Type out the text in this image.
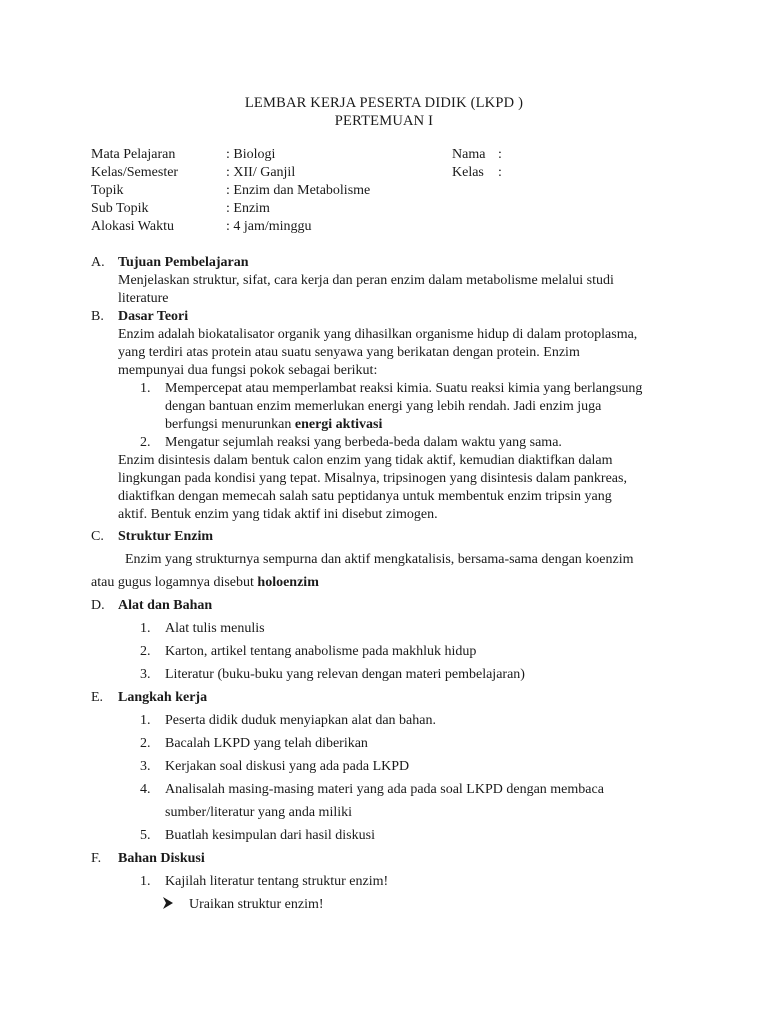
LEMBAR KERJA PESERTA DIDIK (LKPD )
PERTEMUAN I
Mata Pelajaran	: Biologi
Kelas/Semester	: XII/ Ganjil
Topik	: Enzim dan Metabolisme
Sub Topik	: Enzim
Alokasi Waktu	: 4 jam/minggu
Nama :
Kelas :
A. Tujuan Pembelajaran
Menjelaskan struktur, sifat, cara kerja dan peran enzim dalam metabolisme melalui studi
literature
B. Dasar Teori
Enzim adalah biokatalisator organik yang dihasilkan organisme hidup di dalam protoplasma,
yang terdiri atas protein atau suatu senyawa yang berikatan dengan protein. Enzim
mempunyai dua fungsi pokok sebagai berikut:
1. Mempercepat atau memperlambat reaksi kimia. Suatu reaksi kimia yang berlangsung
dengan bantuan enzim memerlukan energi yang lebih rendah. Jadi enzim juga
berfungsi menurunkan energi aktivasi
2. Mengatur sejumlah reaksi yang berbeda-beda dalam waktu yang sama.
Enzim disintesis dalam bentuk calon enzim yang tidak aktif, kemudian diaktifkan dalam
lingkungan pada kondisi yang tepat. Misalnya, tripsinogen yang disintesis dalam pankreas,
diaktifkan dengan memecah salah satu peptidanya untuk membentuk enzim tripsin yang
aktif. Bentuk enzim yang tidak aktif ini disebut zimogen.
C. Struktur Enzim
Enzim yang strukturnya sempurna dan aktif mengkatalisis, bersama-sama dengan koenzim
atau gugus logamnya disebut holoenzim
D. Alat dan Bahan
1. Alat tulis menulis
2. Karton, artikel tentang anabolisme pada makhluk hidup
3. Literatur (buku-buku yang relevan dengan materi pembelajaran)
E. Langkah kerja
1. Peserta didik duduk menyiapkan alat dan bahan.
2. Bacalah LKPD yang telah diberikan
3. Kerjakan soal diskusi yang ada pada LKPD
4. Analisalah masing-masing materi yang ada pada soal LKPD dengan membaca
sumber/literatur yang anda miliki
5. Buatlah kesimpulan dari hasil diskusi
F. Bahan Diskusi
1. Kajilah literatur tentang struktur enzim!
Uraikan struktur enzim!
